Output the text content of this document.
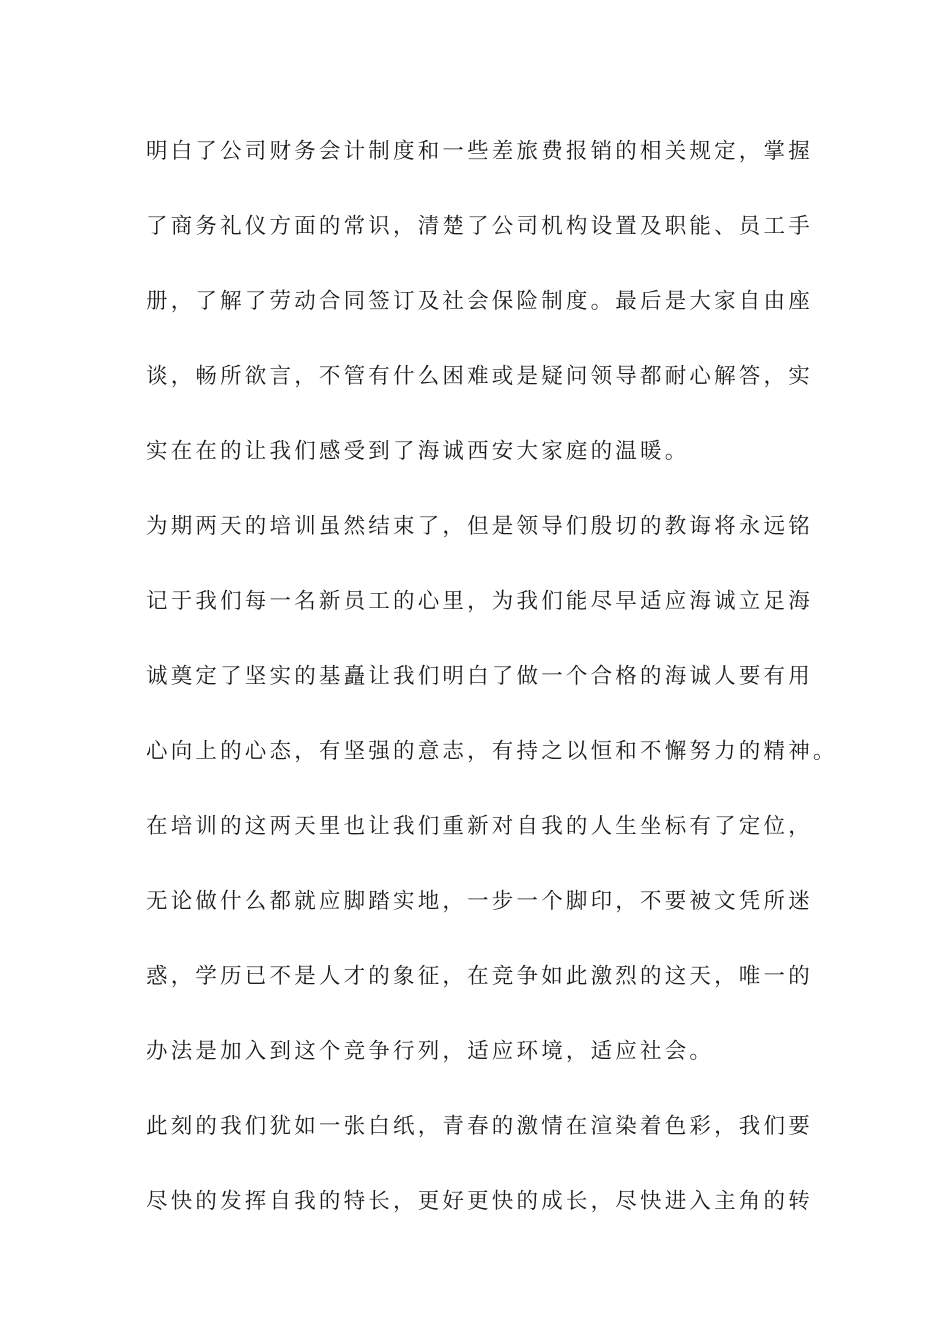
明白了公司财务会计制度和一些差旅费报销的相关规定，掌握
了商务礼仪方面的常识，清楚了公司机构设置及职能、员工手
册，了解了劳动合同签订及社会保险制度。最后是大家自由座
谈，畅所欲言，不管有什么困难或是疑问领导都耐心解答，实
实在在的让我们感受到了海诚西安大家庭的温暖。
为期两天的培训虽然结束了，但是领导们殷切的教诲将永远铭
记于我们每一名新员工的心里，为我们能尽早适应海诚立足海
诚奠定了坚实的基矗让我们明白了做一个合格的海诚人要有用
心向上的心态，有坚强的意志，有持之以恒和不懈努力的精神。
在培训的这两天里也让我们重新对自我的人生坐标有了定位，
无论做什么都就应脚踏实地，一步一个脚印，不要被文凭所迷
惑，学历已不是人才的象征，在竞争如此激烈的这天，唯一的
办法是加入到这个竞争行列，适应环境，适应社会。
此刻的我们犹如一张白纸，青春的激情在渲染着色彩，我们要
尽快的发挥自我的特长，更好更快的成长，尽快进入主角的转
